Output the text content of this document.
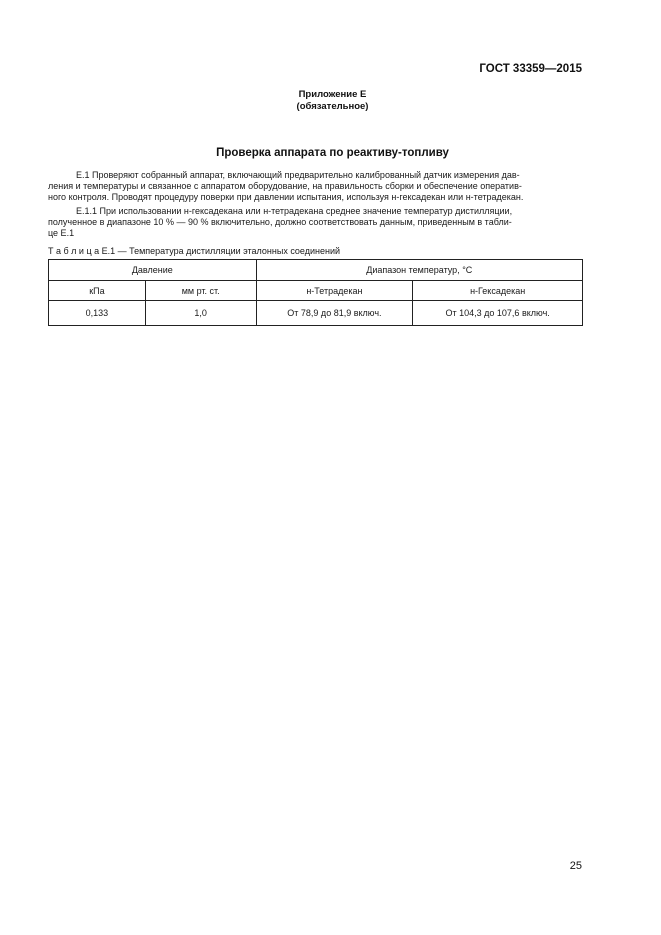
ГОСТ 33359—2015
Приложение Е
(обязательное)
Проверка аппарата по реактиву-топливу
Е.1 Проверяют собранный аппарат, включающий предварительно калиброванный датчик измерения дав-
ления и температуры и связанное с аппаратом оборудование, на правильность сборки и обеспечение оператив-
ного контроля. Проводят процедуру поверки при давлении испытания, используя н-гексадекан или н-тетрадекан.
Е.1.1 При использовании н-гексадекана или н-тетрадекана среднее значение температур дистилляции,
полученное в диапазоне 10 % — 90 % включительно, должно соответствовать данным, приведенным в табли-
це Е.1
Т а б л и ц а Е.1 — Температура дистилляции эталонных соединений
Давление		Диапазон температур, °С	
кПа	мм рт. ст.	н-Тетрадекан	н-Гексадекан
0,133	1,0	От 78,9 до 81,9 включ.	От 104,3 до 107,6 включ.
25
